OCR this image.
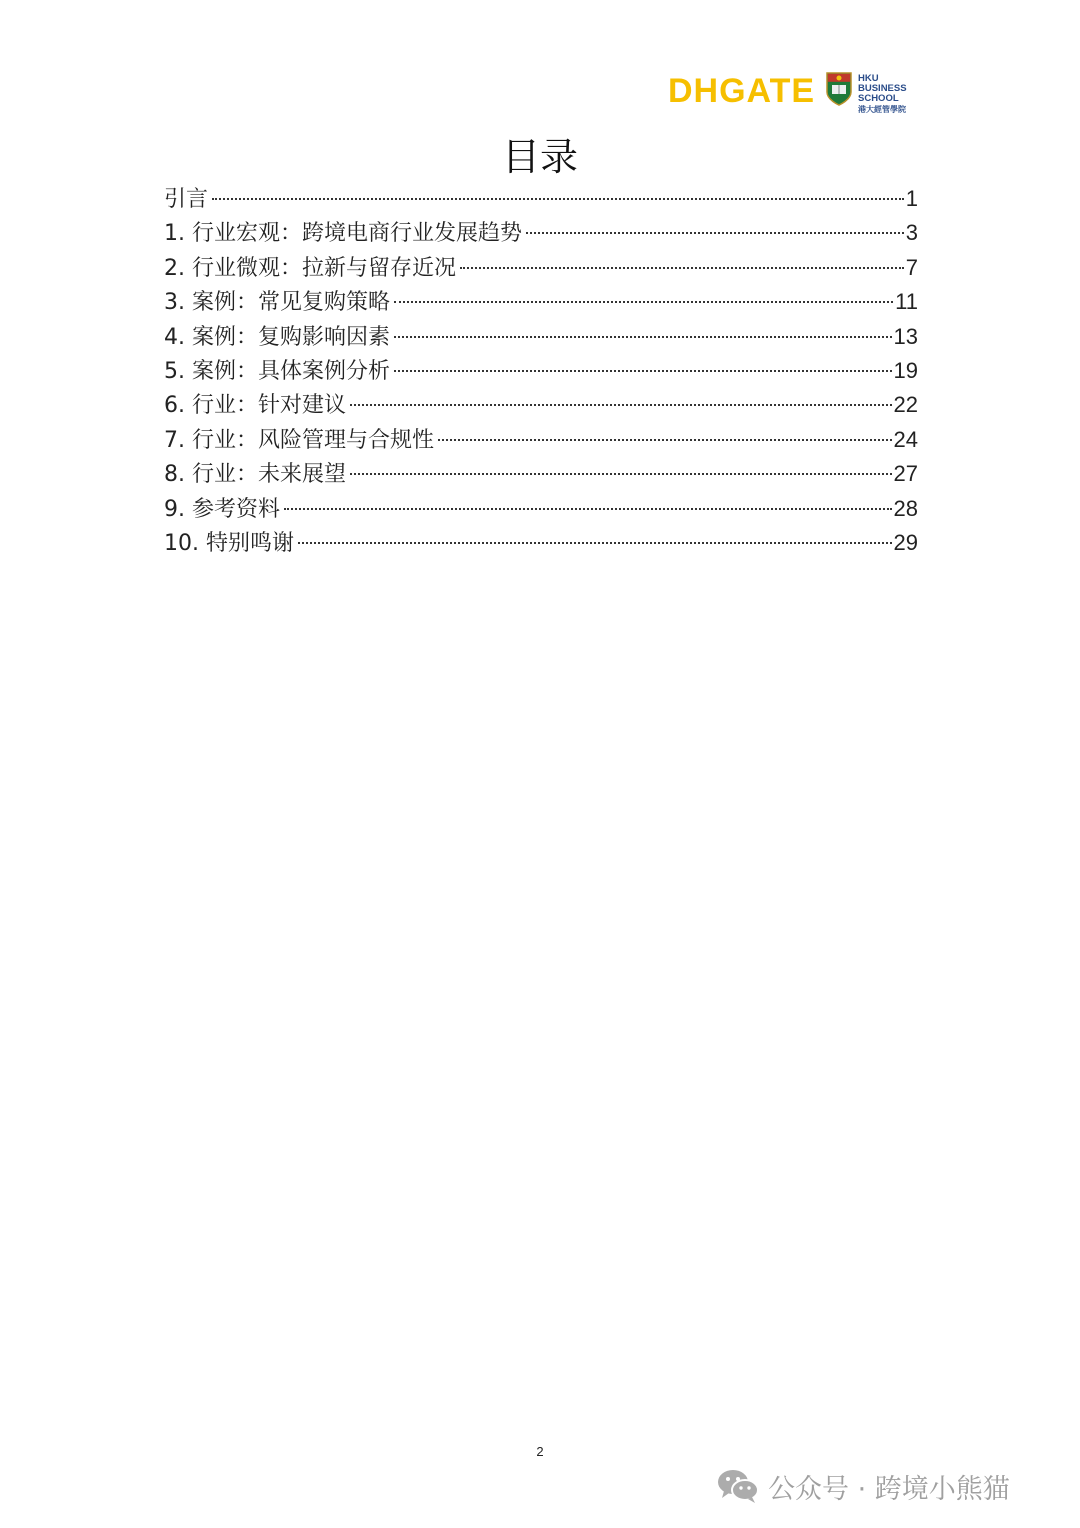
DHGATE	HKU
BUSINESS
SCHOOL
港大經管學院
目录
引言	1
1. 行业宏观：跨境电商行业发展趋势	3
2. 行业微观：拉新与留存近况	7
3. 案例：常见复购策略	11
4. 案例：复购影响因素	13
5. 案例：具体案例分析	19
6. 行业：针对建议	22
7. 行业：风险管理与合规性	24
8. 行业：未来展望	27
9. 参考资料	28
10. 特别鸣谢	29
2
公众号 · 跨境小熊猫
